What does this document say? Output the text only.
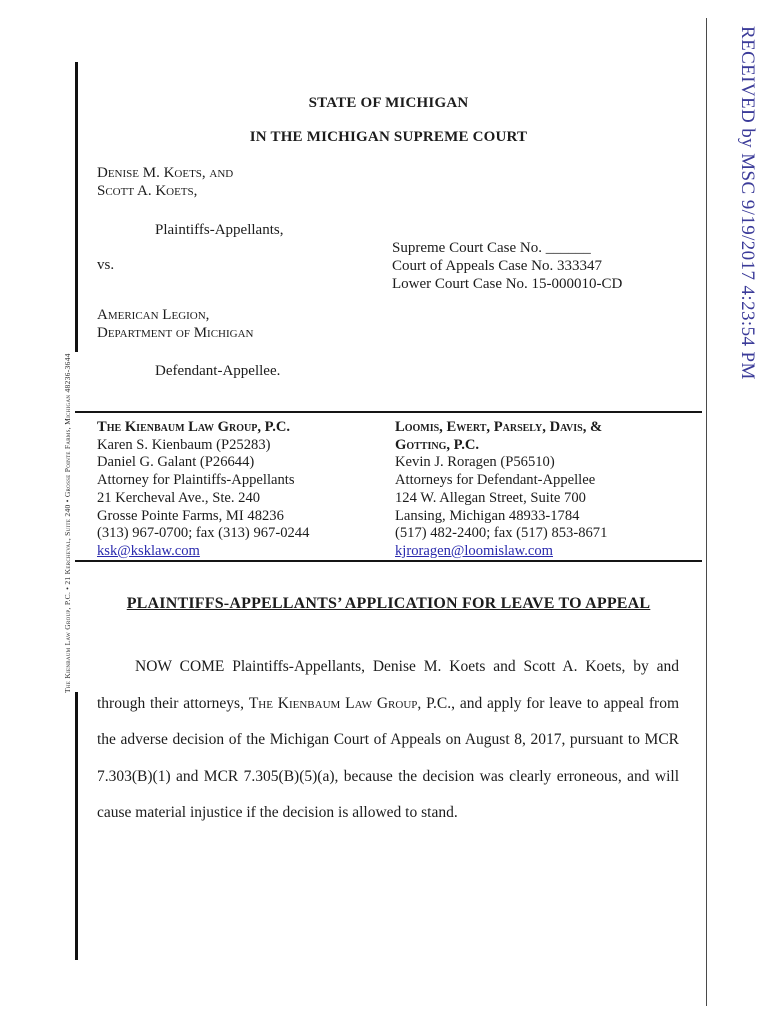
RECEIVED by MSC 9/19/2017 4:23:54 PM
The Kienbaum Law Group, P.C. • 21 Kercheval, Suite 240 • Grosse Pointe Farms, Michigan 48236-3644
STATE OF MICHIGAN
IN THE MICHIGAN SUPREME COURT
Denise M. Koets, and
Scott A. Koets,
Plaintiffs-Appellants,
Supreme Court Case No. ______
Court of Appeals Case No. 333347
Lower Court Case No. 15-000010-CD
vs.
American Legion,
Department of Michigan
Defendant-Appellee.
The Kienbaum Law Group, P.C.
Karen S. Kienbaum (P25283)
Daniel G. Galant (P26644)
Attorney for Plaintiffs-Appellants
21 Kercheval Ave., Ste. 240
Grosse Pointe Farms, MI 48236
(313) 967-0700; fax (313) 967-0244
ksk@ksklaw.com
Loomis, Ewert, Parsely, Davis, &
Gotting, P.C.
Kevin J. Roragen (P56510)
Attorneys for Defendant-Appellee
124 W. Allegan Street, Suite 700
Lansing, Michigan 48933-1784
(517) 482-2400; fax (517) 853-8671
kjroragen@loomislaw.com
PLAINTIFFS-APPELLANTS’ APPLICATION FOR LEAVE TO APPEAL
NOW COME Plaintiffs-Appellants, Denise M. Koets and Scott A. Koets, by and through their attorneys, The Kienbaum Law Group, P.C., and apply for leave to appeal from the adverse decision of the Michigan Court of Appeals on August 8, 2017, pursuant to MCR 7.303(B)(1) and MCR 7.305(B)(5)(a), because the decision was clearly erroneous, and will cause material injustice if the decision is allowed to stand.
